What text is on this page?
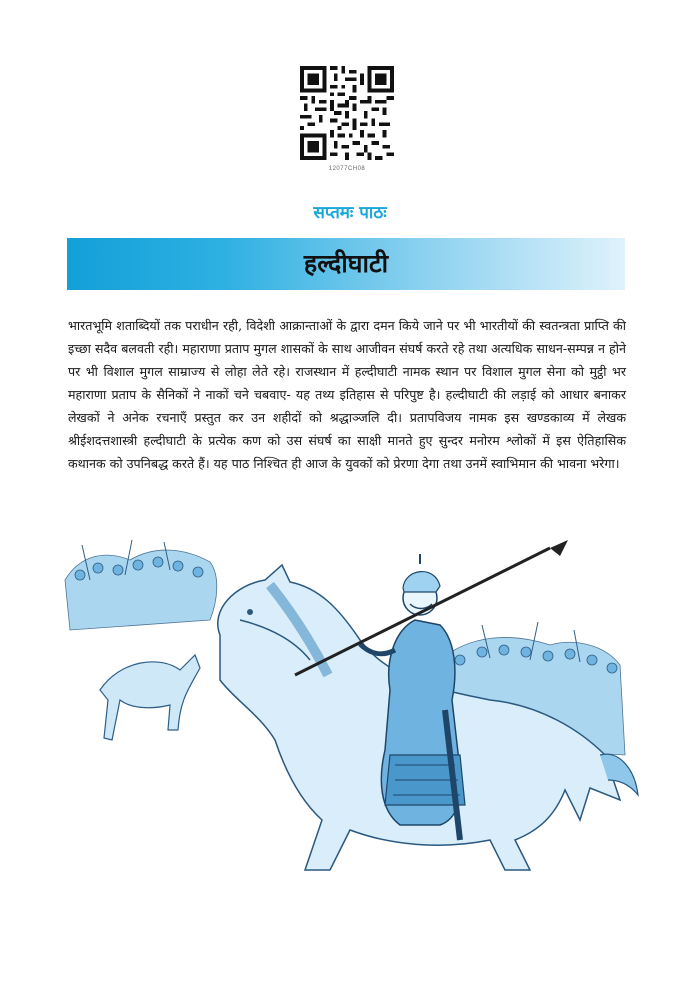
12077CH08
सप्तमः पाठः
हल्दीघाटी

भारतभूमि शताब्दियों तक पराधीन रही, विदेशी आक्रान्ताओं के द्वारा दमन किये जाने पर भी भारतीयों की स्वतन्त्रता प्राप्ति की इच्छा सदैव बलवती रही। महाराणा प्रताप मुगल शासकों के साथ आजीवन संघर्ष करते रहे तथा अत्यधिक साधन-सम्पन्न न होने पर भी विशाल मुगल साम्राज्य से लोहा लेते रहे। राजस्थान में हल्दीघाटी नामक स्थान पर विशाल मुगल सेना को मुट्ठी भर महाराणा प्रताप के सैनिकों ने नाकों चने चबवाए- यह तथ्य इतिहास से परिपुष्ट है। हल्दीघाटी की लड़ाई को आधार बनाकर लेखकों ने अनेक रचनाएँ प्रस्तुत कर उन शहीदों को श्रद्धाञ्जलि दी। प्रतापविजय नामक इस खण्डकाव्य में लेखक श्रीईशदत्तशास्त्री हल्दीघाटी के प्रत्येक कण को उस संघर्ष का साक्षी मानते हुए सुन्दर मनोरम श्लोकों में इस ऐतिहासिक कथानक को उपनिबद्ध करते हैं। यह पाठ निश्चित ही आज के युवकों को प्रेरणा देगा तथा उनमें स्वाभिमान की भावना भरेगा।
